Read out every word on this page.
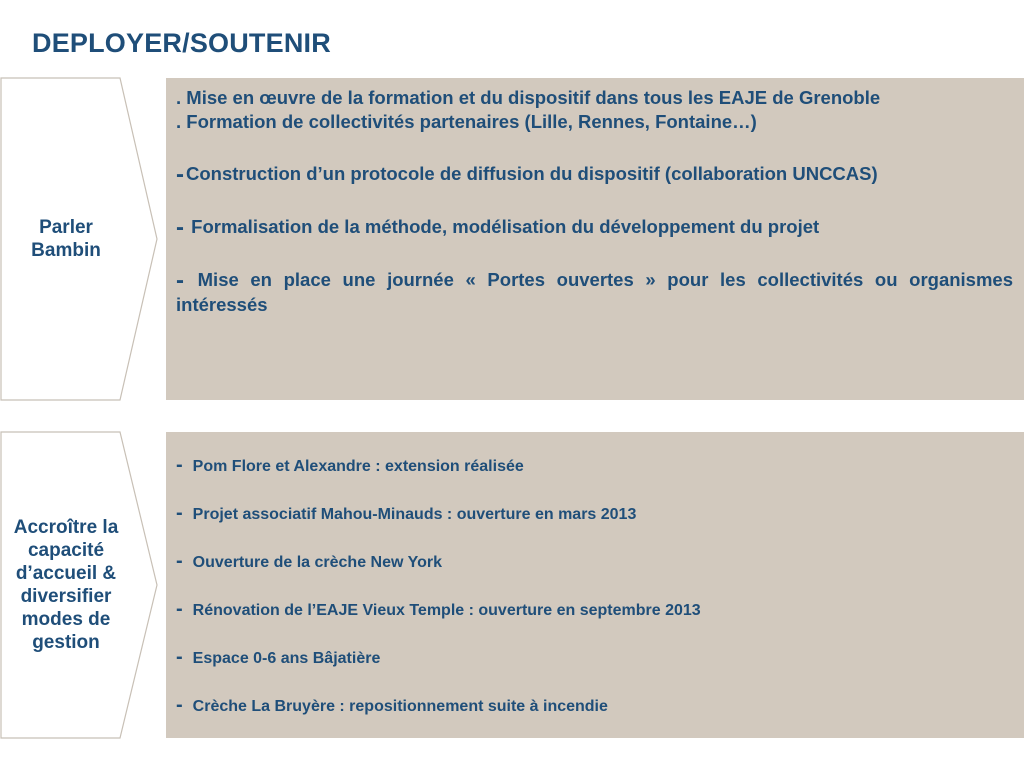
DEPLOYER/SOUTENIR
Parler
Bambin

. Mise en œuvre de la formation et du dispositif dans tous les EAJE de Grenoble

. Formation de collectivités partenaires (Lille, Rennes, Fontaine…)

- Construction d’un protocole de diffusion du dispositif (collaboration UNCCAS)

- Formalisation de la méthode, modélisation du développement du projet

- Mise en place une journée « Portes ouvertes » pour les collectivités ou organismes intéressés

Accroître la
capacité
d’accueil &
diversifier
modes de
gestion
- Pom Flore et Alexandre : extension réalisée
- Projet associatif Mahou-Minauds : ouverture en mars 2013
- Ouverture de la crèche New York
- Rénovation de l’EAJE Vieux Temple : ouverture en septembre 2013
- Espace 0-6 ans Bâjatière
- Crèche La Bruyère : repositionnement suite à incendie
